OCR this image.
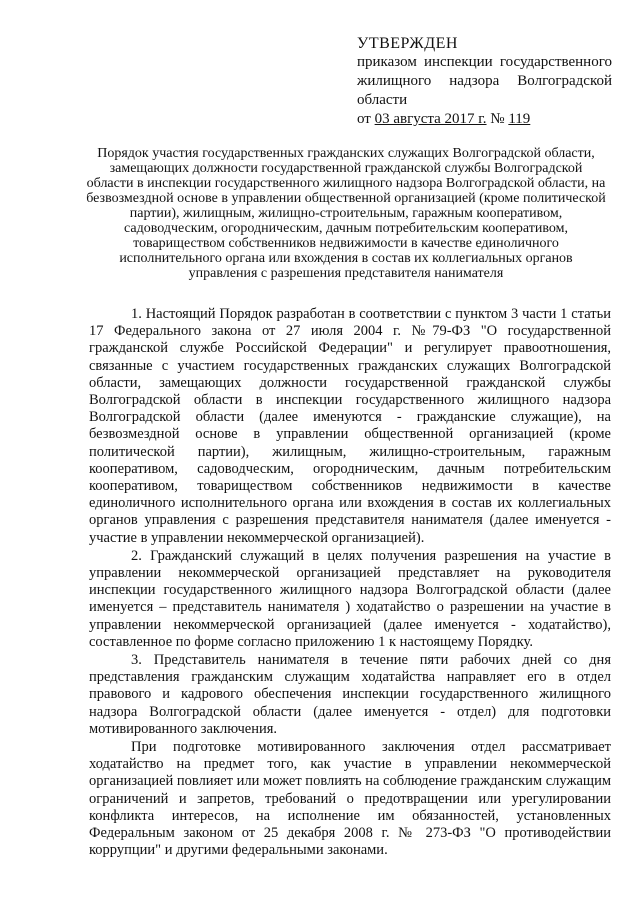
УТВЕРЖДЕН
приказом инспекции государственного жилищного надзора Волгоградской области
от 03 августа 2017 г. № 119
Порядок участия государственных гражданских служащих Волгоградской области, замещающих должности государственной гражданской службы Волгоградской области в инспекции государственного жилищного надзора Волгоградской области, на безвозмездной основе в управлении общественной организацией (кроме политической партии), жилищным, жилищно-строительным, гаражным кооперативом, садоводческим, огородническим, дачным потребительским кооперативом, товариществом собственников недвижимости в качестве единоличного исполнительного органа или вхождения в состав их коллегиальных органов управления с разрешения представителя нанимателя

1. Настоящий Порядок разработан в соответствии с пунктом 3 части 1 статьи 17 Федерального закона от 27 июля 2004 г. №79-ФЗ "О государственной гражданской службе Российской Федерации" и регулирует правоотношения, связанные с участием государственных гражданских служащих Волгоградской области, замещающих должности государственной гражданской службы Волгоградской области в инспекции государственного жилищного надзора Волгоградской области (далее именуются - гражданские служащие), на безвозмездной основе в управлении общественной организацией (кроме политической партии), жилищным, жилищно-строительным, гаражным кооперативом, садоводческим, огородническим, дачным потребительским кооперативом, товариществом собственников недвижимости в качестве единоличного исполнительного органа или вхождения в состав их коллегиальных органов управления с разрешения представителя нанимателя (далее именуется - участие в управлении некоммерческой организацией).

2. Гражданский служащий в целях получения разрешения на участие в управлении некоммерческой организацией представляет на руководителя инспекции государственного жилищного надзора Волгоградской области (далее именуется – представитель нанимателя ) ходатайство о разрешении на участие в управлении некоммерческой организацией (далее именуется - ходатайство), составленное по форме согласно приложению 1 к настоящему Порядку.

3. Представитель нанимателя в течение пяти рабочих дней со дня представления гражданским служащим ходатайства направляет его в отдел правового и кадрового обеспечения инспекции государственного жилищного надзора Волгоградской области (далее именуется - отдел) для подготовки мотивированного заключения.

При подготовке мотивированного заключения отдел рассматривает ходатайство на предмет того, как участие в управлении некоммерческой организацией повлияет или может повлиять на соблюдение гражданским служащим ограничений и запретов, требований о предотвращении или урегулировании конфликта интересов, на исполнение им обязанностей, установленных Федеральным законом от 25 декабря 2008 г. № 273-ФЗ "О противодействии коррупции" и другими федеральными законами.
